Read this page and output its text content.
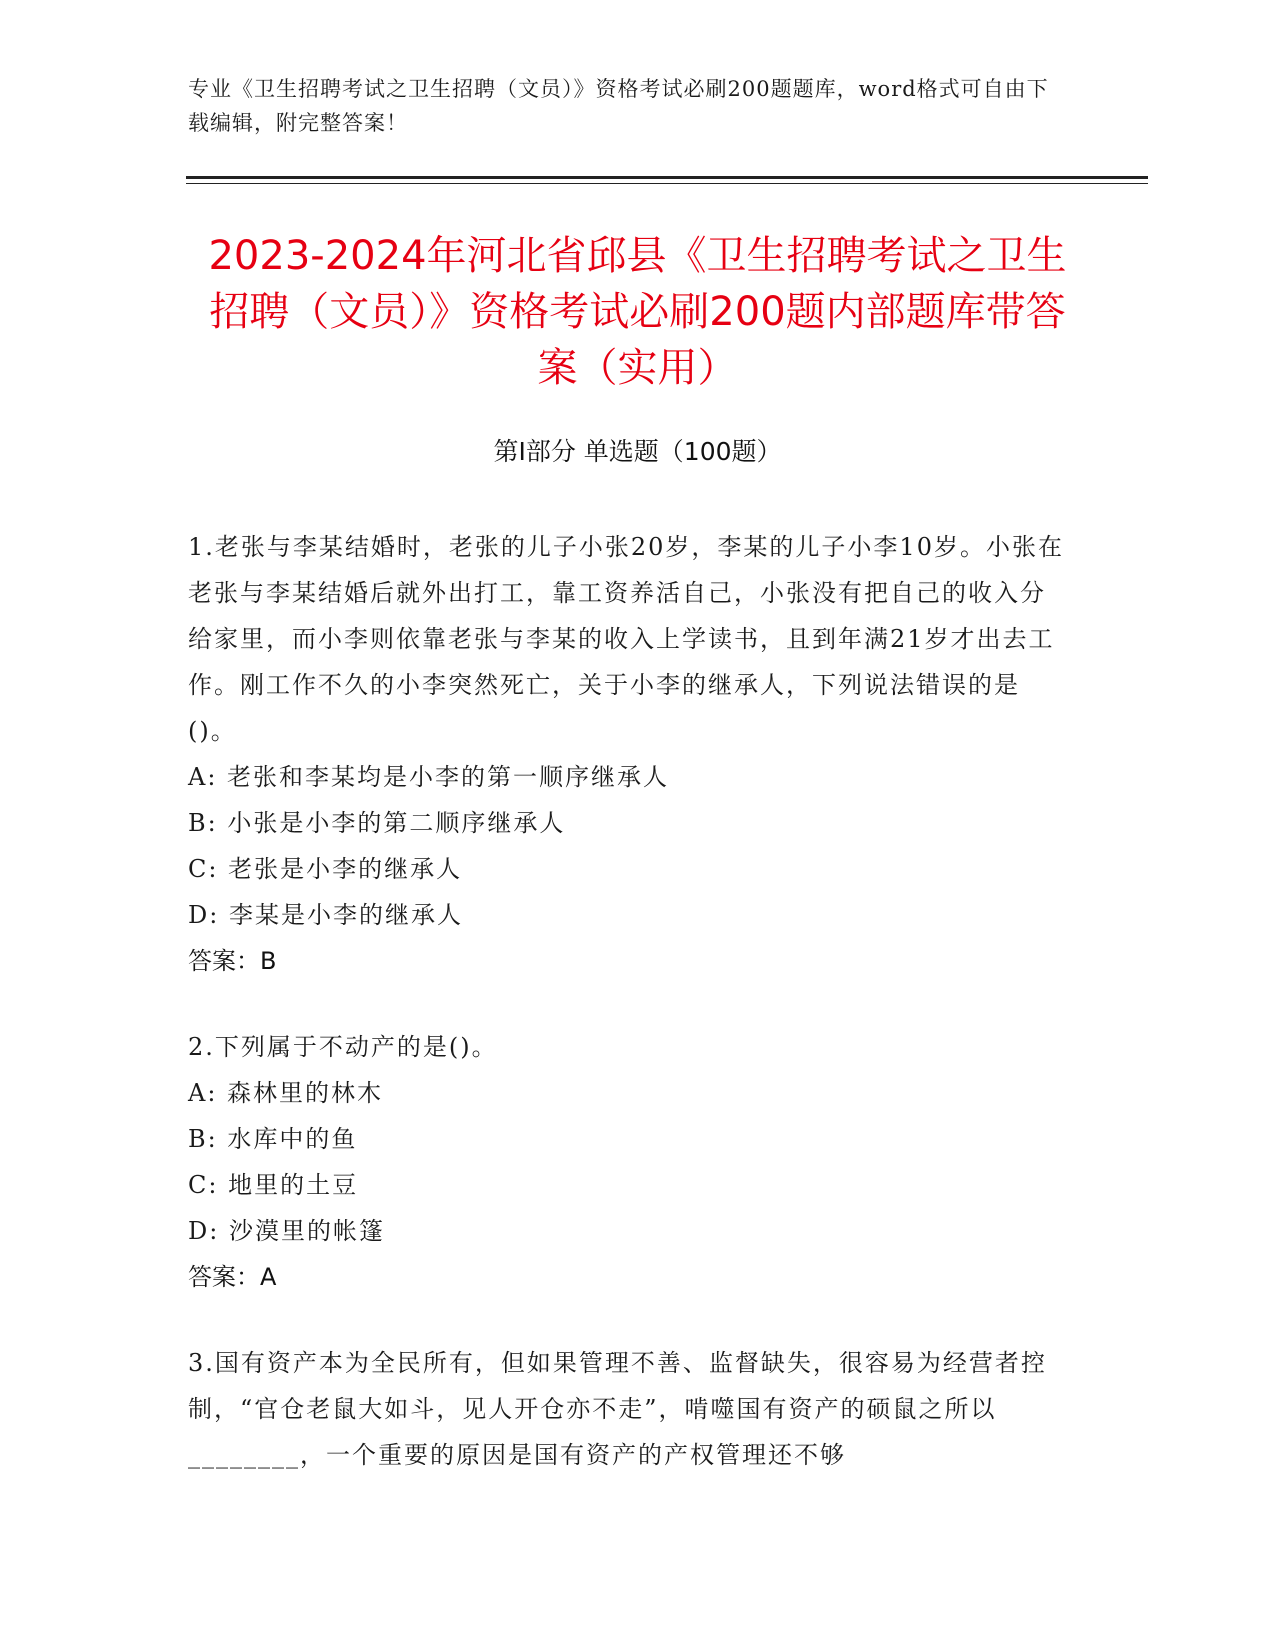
专业《卫生招聘考试之卫生招聘（文员）》资格考试必刷200题题库，word格式可自由下载编辑，附完整答案！
2023-2024年河北省邱县《卫生招聘考试之卫生招聘（文员）》资格考试必刷200题内部题库带答案（实用）
第I部分 单选题（100题）

1.老张与李某结婚时，老张的儿子小张20岁，李某的儿子小李10岁。小张在老张与李某结婚后就外出打工，靠工资养活自己，小张没有把自己的收入分给家里，而小李则依靠老张与李某的收入上学读书，且到年满21岁才出去工作。刚工作不久的小李突然死亡，关于小李的继承人，下列说法错误的是()。

A: 老张和李某均是小李的第一顺序继承人

B: 小张是小李的第二顺序继承人

C: 老张是小李的继承人

D: 李某是小李的继承人

答案：B

2.下列属于不动产的是()。

A: 森林里的林木

B: 水库中的鱼

C: 地里的土豆

D: 沙漠里的帐篷

答案：A

3.国有资产本为全民所有，但如果管理不善、监督缺失，很容易为经营者控制，“官仓老鼠大如斗，见人开仓亦不走”，啃噬国有资产的硕鼠之所以________，一个重要的原因是国有资产的产权管理还不够
